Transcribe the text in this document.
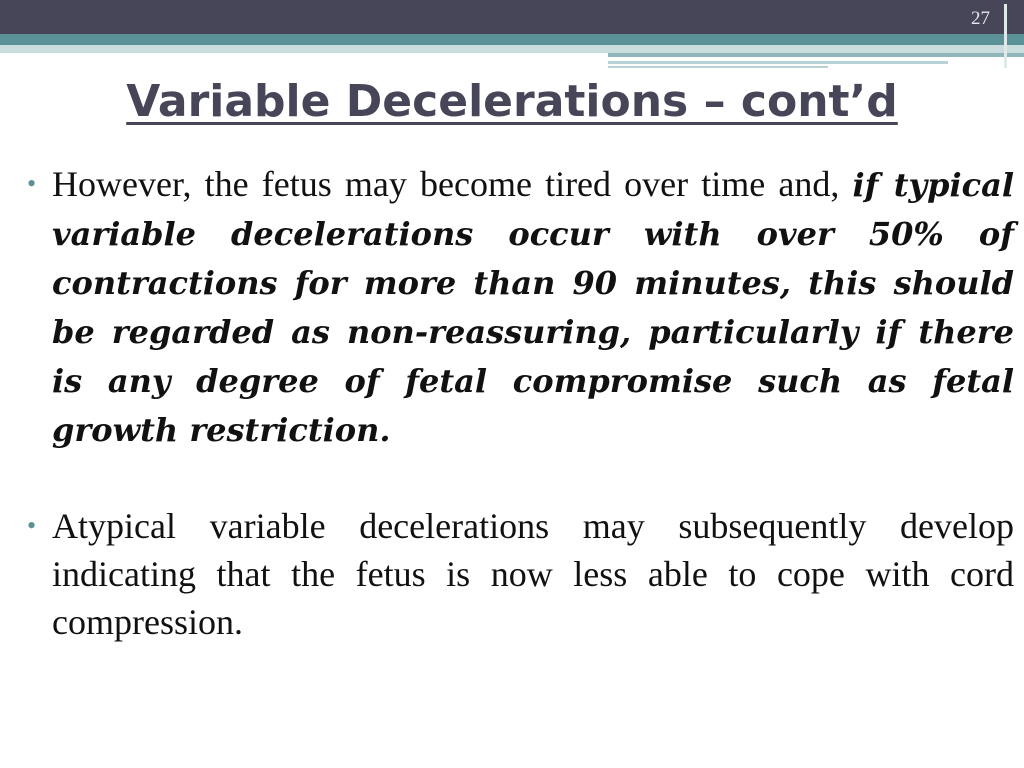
27
Variable Decelerations – cont’d
• However, the fetus may become tired over time and, if typical variable decelerations occur with over 50% of contractions for more than 90 minutes, this should be regarded as non-reassuring, particularly if there is any degree of fetal compromise such as fetal growth restriction.
• Atypical variable decelerations may subsequently develop indicating that the fetus is now less able to cope with cord compression.
